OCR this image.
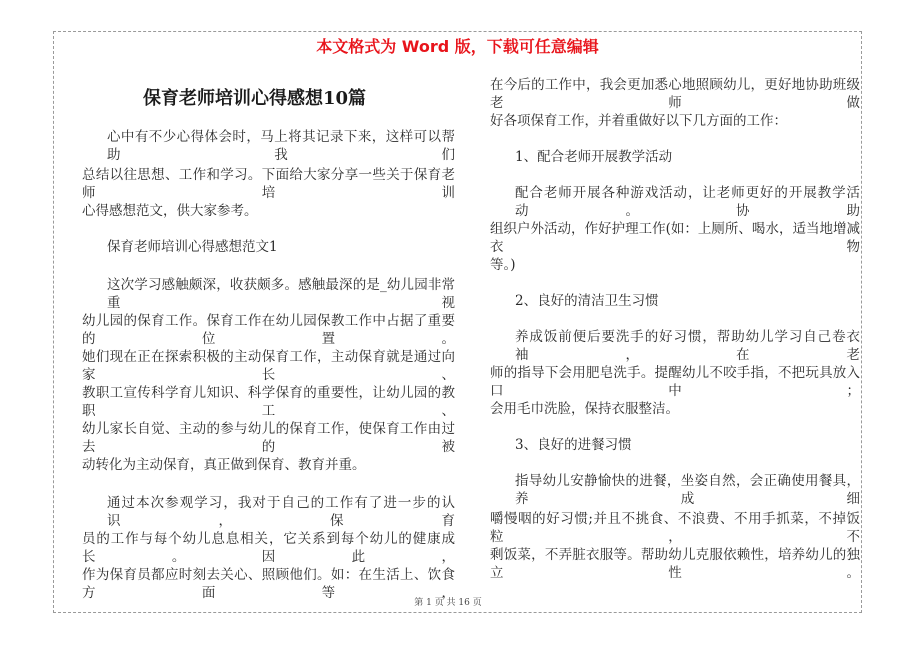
本文格式为 Word 版，下载可任意编辑
保育老师培训心得感想10篇
心中有不少心得体会时，马上将其记录下来，这样可以帮助我们
总结以往思想、工作和学习。下面给大家分享一些关于保育老师培训
心得感想范文，供大家参考。
保育老师培训心得感想范文1
这次学习感触颇深，收获颇多。感触最深的是_幼儿园非常重视
幼儿园的保育工作。保育工作在幼儿园保教工作中占据了重要的位置。
她们现在正在探索积极的主动保育工作，主动保育就是通过向家长、
教职工宣传科学育儿知识、科学保育的重要性，让幼儿园的教职工、
幼儿家长自觉、主动的参与幼儿的保育工作，使保育工作由过去的被
动转化为主动保育，真正做到保育、教育并重。
通过本次参观学习，我对于自己的工作有了进一步的认识，保育
员的工作与每个幼儿息息相关，它关系到每个幼儿的健康成长。因此，
作为保育员都应时刻去关心、照顾他们。如：在生活上、饮食方面等，
在今后的工作中，我会更加悉心地照顾幼儿，更好地协助班级老师做
好各项保育工作，并着重做好以下几方面的工作：
1、配合老师开展教学活动
配合老师开展各种游戏活动，让老师更好的开展教学活动。协助
组织户外活动，作好护理工作(如：上厕所、喝水，适当地增减衣物
等。)
2、良好的清洁卫生习惯
养成饭前便后要洗手的好习惯，帮助幼儿学习自己卷衣袖，在老
师的指导下会用肥皂洗手。提醒幼儿不咬手指，不把玩具放入口中；
会用毛巾洗脸，保持衣服整洁。
3、良好的进餐习惯
指导幼儿安静愉快的进餐，坐姿自然，会正确使用餐具，养成细
嚼慢咽的好习惯;并且不挑食、不浪费、不用手抓菜，不掉饭粒，不
剩饭菜，不弄脏衣服等。帮助幼儿克服依赖性，培养幼儿的独立性。
第 1 页 共 16 页
